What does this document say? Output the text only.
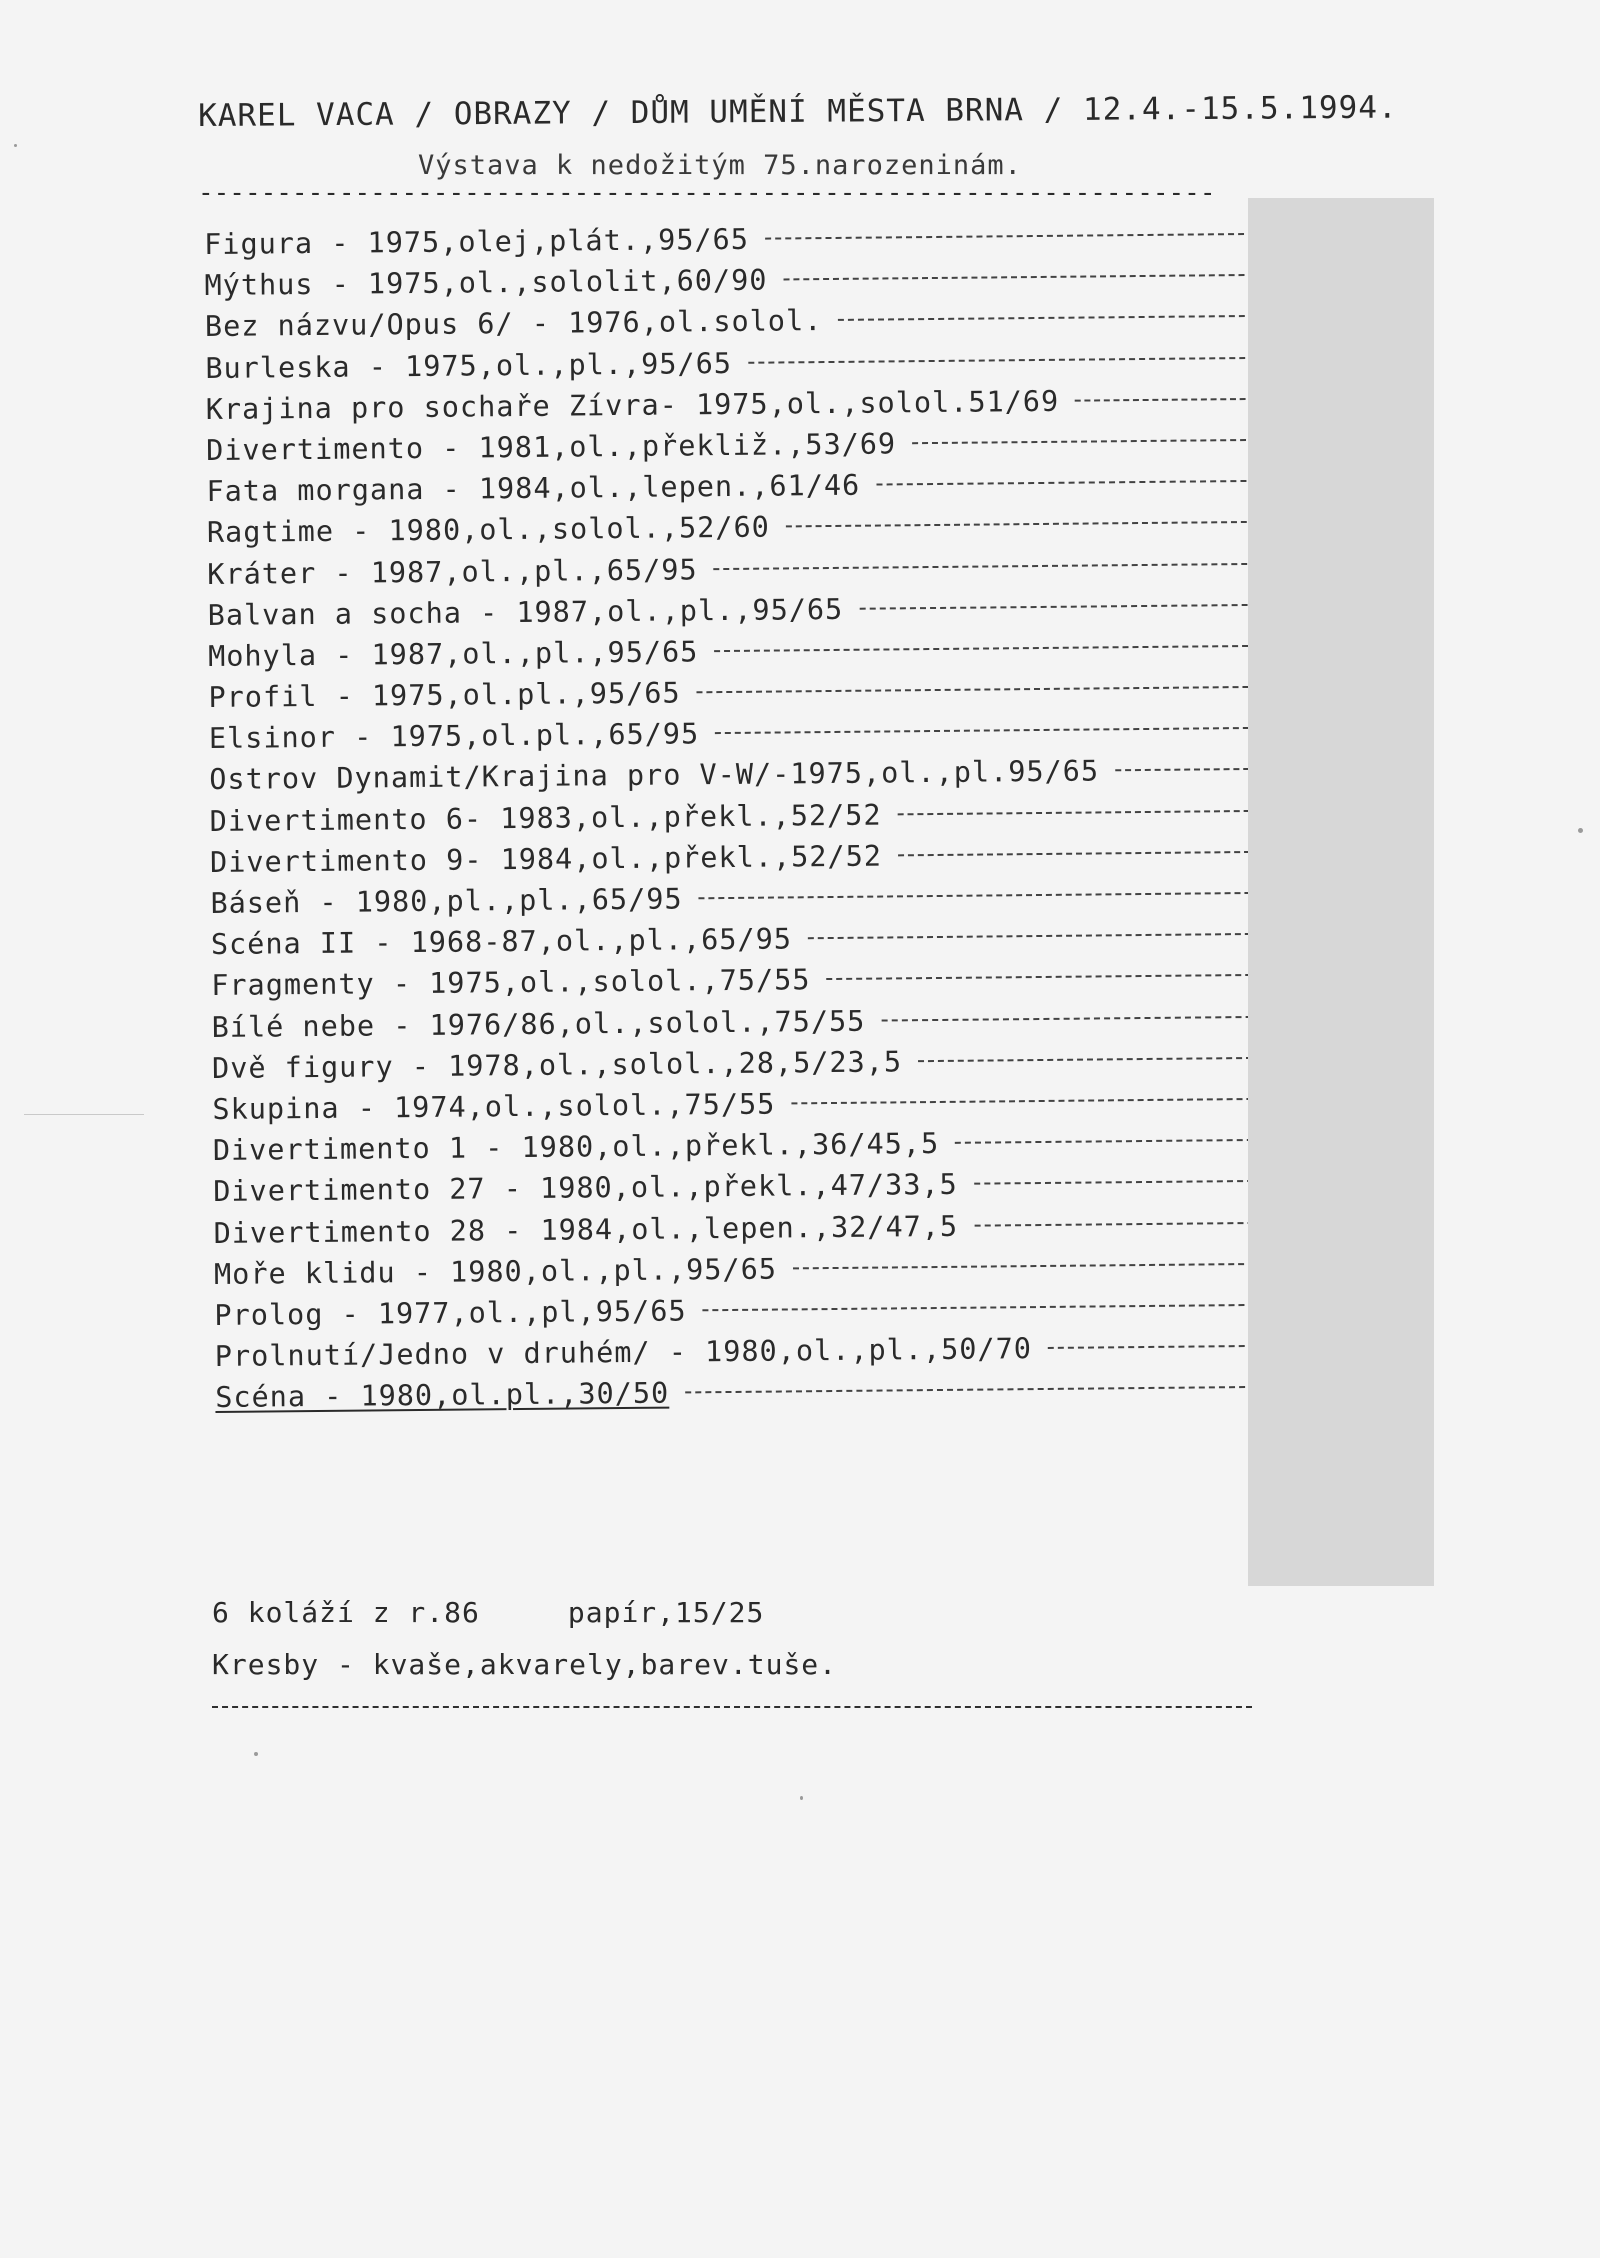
KAREL VACA / OBRAZY / DŮM UMĚNÍ MĚSTA BRNA / 12.4.-15.5.1994.
Výstava k nedožitým 75.narozeninám.
-----------------------------------------------------------------
Figura - 1975,olej,plát.,95/65
Mýthus - 1975,ol.,sololit,60/90
Bez názvu/Opus 6/ - 1976,ol.solol.
Burleska - 1975,ol.,pl.,95/65
Krajina pro sochaře Zívra- 1975,ol.,solol.51/69
Divertimento - 1981,ol.,překliž.,53/69
Fata morgana - 1984,ol.,lepen.,61/46
Ragtime - 1980,ol.,solol.,52/60
Kráter - 1987,ol.,pl.,65/95
Balvan a socha - 1987,ol.,pl.,95/65
Mohyla - 1987,ol.,pl.,95/65
Profil - 1975,ol.pl.,95/65
Elsinor - 1975,ol.pl.,65/95
Ostrov Dynamit/Krajina pro V-W/-1975,ol.,pl.95/65
Divertimento 6- 1983,ol.,překl.,52/52
Divertimento 9- 1984,ol.,překl.,52/52
Báseň - 1980,pl.,pl.,65/95
Scéna II - 1968-87,ol.,pl.,65/95
Fragmenty - 1975,ol.,solol.,75/55
Bílé nebe - 1976/86,ol.,solol.,75/55
Dvě figury - 1978,ol.,solol.,28,5/23,5
Skupina - 1974,ol.,solol.,75/55
Divertimento 1 - 1980,ol.,překl.,36/45,5
Divertimento 27 - 1980,ol.,překl.,47/33,5
Divertimento 28 - 1984,ol.,lepen.,32/47,5
Moře klidu - 1980,ol.,pl.,95/65
Prolog - 1977,ol.,pl,95/65
Prolnutí/Jedno v druhém/ - 1980,ol.,pl.,50/70
Scéna - 1980,ol.pl.,30/50
6 koláží z r.86	papír,15/25
Kresby - kvaše,akvarely,barev.tuše.
